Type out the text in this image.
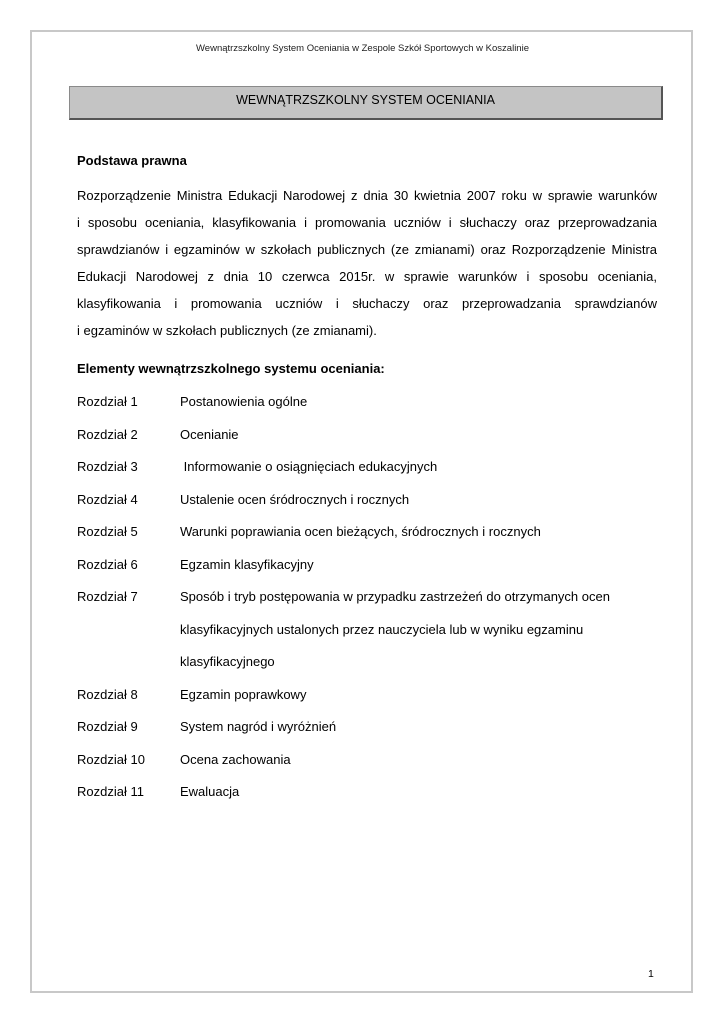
Wewnątrzszkolny System Oceniania w Zespole Szkół Sportowych w Koszalinie
WEWNĄTRZSZKOLNY SYSTEM OCENIANIA
Podstawa prawna

Rozporządzenie Ministra Edukacji Narodowej z dnia 30 kwietnia 2007 roku w sprawie warunków
i sposobu oceniania, klasyfikowania i promowania uczniów i słuchaczy oraz przeprowadzania
sprawdzianów i egzaminów w szkołach publicznych (ze zmianami) oraz Rozporządzenie Ministra
Edukacji Narodowej z dnia 10 czerwca 2015r. w sprawie warunków i sposobu oceniania,
klasyfikowania i promowania uczniów i słuchaczy oraz przeprowadzania sprawdzianów
i egzaminów w szkołach publicznych (ze zmianami).

Elementy wewnątrzszkolnego systemu oceniania:
Rozdział 1	Postanowienia ogólne
Rozdział 2	Ocenianie
Rozdział 3	Informowanie o osiągnięciach edukacyjnych
Rozdział 4	Ustalenie ocen śródrocznych i rocznych
Rozdział 5	Warunki poprawiania ocen bieżących, śródrocznych i rocznych
Rozdział 6	Egzamin klasyfikacyjny
Rozdział 7	Sposób i tryb postępowania w przypadku zastrzeżeń do otrzymanych ocen klasyfikacyjnych ustalonych przez nauczyciela lub w wyniku egzaminu klasyfikacyjnego
Rozdział 8	Egzamin poprawkowy
Rozdział 9	System nagród i wyróżnień
Rozdział 10	Ocena zachowania
Rozdział 11	Ewaluacja
1
